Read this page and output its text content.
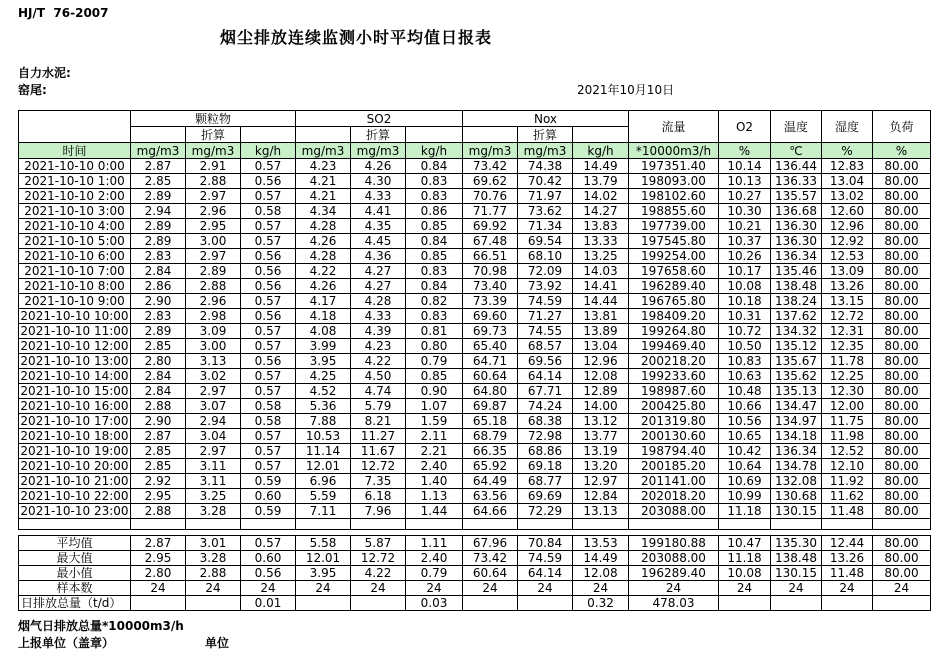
HJ/T  76-2007
烟尘排放连续监测小时平均值日报表
自力水泥:
窑尾:	2021年10月10日
	颗粒物			SO2			Nox			流量	O2	温度	湿度	负荷
		折算			折算			折算						
时间	mg/m3	mg/m3	kg/h	mg/m3	mg/m3	kg/h	mg/m3	mg/m3	kg/h	*10000m3/h	%	℃	%	%
2021-10-10 0:00	2.87	2.91	0.57	4.23	4.26	0.84	73.42	74.38	14.49	197351.40	10.14	136.44	12.83	80.00
2021-10-10 1:00	2.85	2.88	0.56	4.21	4.30	0.83	69.62	70.42	13.79	198093.00	10.13	136.33	13.04	80.00
2021-10-10 2:00	2.89	2.97	0.57	4.21	4.33	0.83	70.76	71.97	14.02	198102.60	10.27	135.57	13.02	80.00
2021-10-10 3:00	2.94	2.96	0.58	4.34	4.41	0.86	71.77	73.62	14.27	198855.60	10.30	136.68	12.60	80.00
2021-10-10 4:00	2.89	2.95	0.57	4.28	4.35	0.85	69.92	71.34	13.83	197739.00	10.21	136.30	12.96	80.00
2021-10-10 5:00	2.89	3.00	0.57	4.26	4.45	0.84	67.48	69.54	13.33	197545.80	10.37	136.30	12.92	80.00
2021-10-10 6:00	2.83	2.97	0.56	4.28	4.36	0.85	66.51	68.10	13.25	199254.00	10.26	136.34	12.53	80.00
2021-10-10 7:00	2.84	2.89	0.56	4.22	4.27	0.83	70.98	72.09	14.03	197658.60	10.17	135.46	13.09	80.00
2021-10-10 8:00	2.86	2.88	0.56	4.26	4.27	0.84	73.40	73.92	14.41	196289.40	10.08	138.48	13.26	80.00
2021-10-10 9:00	2.90	2.96	0.57	4.17	4.28	0.82	73.39	74.59	14.44	196765.80	10.18	138.24	13.15	80.00
2021-10-10 10:00	2.83	2.98	0.56	4.18	4.33	0.83	69.60	71.27	13.81	198409.20	10.31	137.62	12.72	80.00
2021-10-10 11:00	2.89	3.09	0.57	4.08	4.39	0.81	69.73	74.55	13.89	199264.80	10.72	134.32	12.31	80.00
2021-10-10 12:00	2.85	3.00	0.57	3.99	4.23	0.80	65.40	68.57	13.04	199469.40	10.50	135.12	12.35	80.00
2021-10-10 13:00	2.80	3.13	0.56	3.95	4.22	0.79	64.71	69.56	12.96	200218.20	10.83	135.67	11.78	80.00
2021-10-10 14:00	2.84	3.02	0.57	4.25	4.50	0.85	60.64	64.14	12.08	199233.60	10.63	135.62	12.25	80.00
2021-10-10 15:00	2.84	2.97	0.57	4.52	4.74	0.90	64.80	67.71	12.89	198987.60	10.48	135.13	12.30	80.00
2021-10-10 16:00	2.88	3.07	0.58	5.36	5.79	1.07	69.87	74.24	14.00	200425.80	10.66	134.47	12.00	80.00
2021-10-10 17:00	2.90	2.94	0.58	7.88	8.21	1.59	65.18	68.38	13.12	201319.80	10.56	134.97	11.75	80.00
2021-10-10 18:00	2.87	3.04	0.57	10.53	11.27	2.11	68.79	72.98	13.77	200130.60	10.65	134.18	11.98	80.00
2021-10-10 19:00	2.85	2.97	0.57	11.14	11.67	2.21	66.35	68.86	13.19	198794.40	10.42	136.34	12.52	80.00
2021-10-10 20:00	2.85	3.11	0.57	12.01	12.72	2.40	65.92	69.18	13.20	200185.20	10.64	134.78	12.10	80.00
2021-10-10 21:00	2.92	3.11	0.59	6.96	7.35	1.40	64.49	68.77	12.97	201141.00	10.69	132.08	11.92	80.00
2021-10-10 22:00	2.95	3.25	0.60	5.59	6.18	1.13	63.56	69.69	12.84	202018.20	10.99	130.68	11.62	80.00
2021-10-10 23:00	2.88	3.28	0.59	7.11	7.96	1.44	64.66	72.29	13.13	203088.00	11.18	130.15	11.48	80.00

平均值	2.87	3.01	0.57	5.58	5.87	1.11	67.96	70.84	13.53	199180.88	10.47	135.30	12.44	80.00
最大值	2.95	3.28	0.60	12.01	12.72	2.40	73.42	74.59	14.49	203088.00	11.18	138.48	13.26	80.00
最小值	2.80	2.88	0.56	3.95	4.22	0.79	60.64	64.14	12.08	196289.40	10.08	130.15	11.48	80.00
样本数	24	24	24	24	24	24	24	24	24	24	24	24	24	24
日排放总量（t/d）			0.01			0.03			0.32	478.03				
烟气日排放总量*10000m3/h
上报单位（盖章）	单位
